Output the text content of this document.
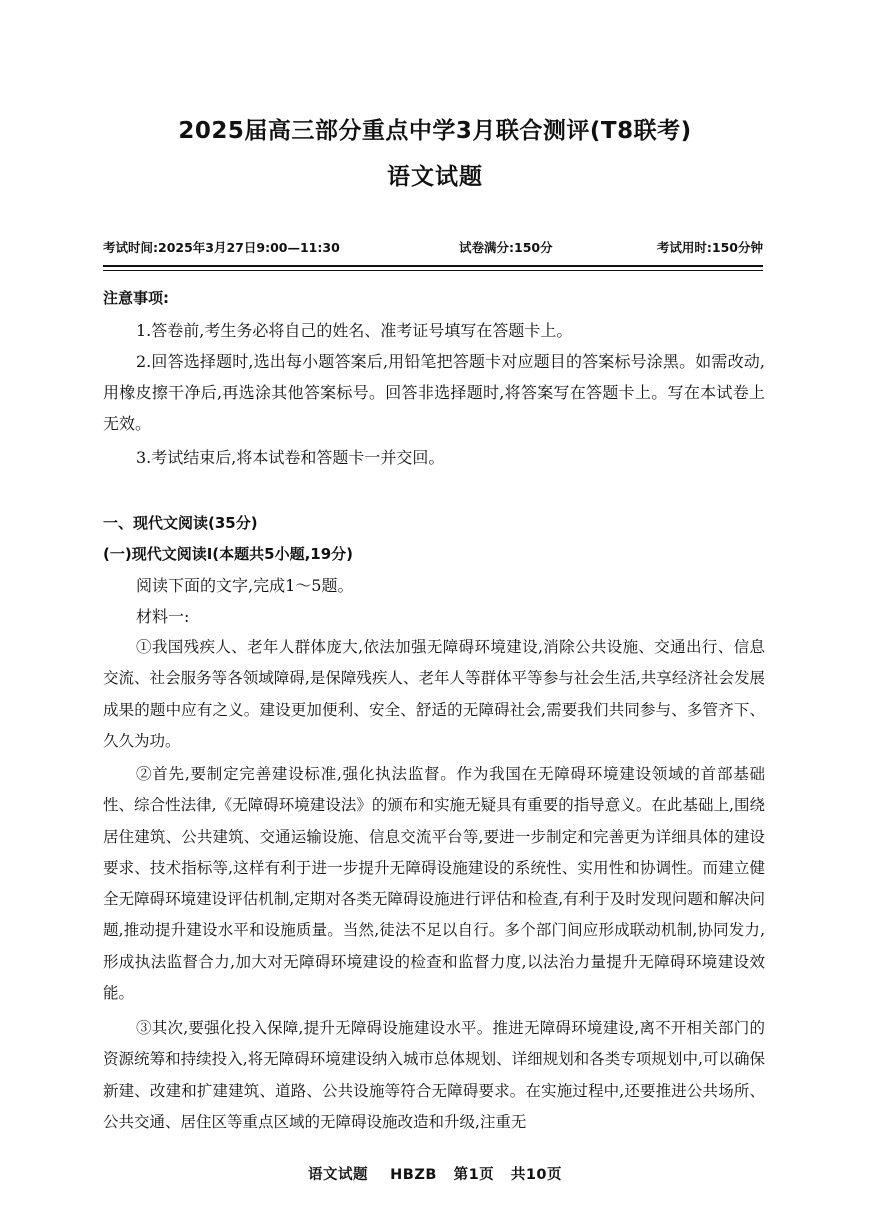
2025届高三部分重点中学3月联合测评(T8联考)
语文试题
考试时间:2025年3月27日9:00—11:30	试卷满分:150分	考试用时:150分钟

注意事项:

1.答卷前,考生务必将自己的姓名、准考证号填写在答题卡上。

2.回答选择题时,选出每小题答案后,用铅笔把答题卡对应题目的答案标号涂黑。如需改动,用橡皮擦干净后,再选涂其他答案标号。回答非选择题时,将答案写在答题卡上。写在本试卷上无效。

3.考试结束后,将本试卷和答题卡一并交回。

一、现代文阅读(35分)

(一)现代文阅读Ⅰ(本题共5小题,19分)

阅读下面的文字,完成1～5题。

材料一:

①我国残疾人、老年人群体庞大,依法加强无障碍环境建设,消除公共设施、交通出行、信息交流、社会服务等各领域障碍,是保障残疾人、老年人等群体平等参与社会生活,共享经济社会发展成果的题中应有之义。建设更加便利、安全、舒适的无障碍社会,需要我们共同参与、多管齐下、久久为功。

②首先,要制定完善建设标准,强化执法监督。作为我国在无障碍环境建设领域的首部基础性、综合性法律,《无障碍环境建设法》的颁布和实施无疑具有重要的指导意义。在此基础上,围绕居住建筑、公共建筑、交通运输设施、信息交流平台等,要进一步制定和完善更为详细具体的建设要求、技术指标等,这样有利于进一步提升无障碍设施建设的系统性、实用性和协调性。而建立健全无障碍环境建设评估机制,定期对各类无障碍设施进行评估和检查,有利于及时发现问题和解决问题,推动提升建设水平和设施质量。当然,徒法不足以自行。多个部门间应形成联动机制,协同发力,形成执法监督合力,加大对无障碍环境建设的检查和监督力度,以法治力量提升无障碍环境建设效能。

③其次,要强化投入保障,提升无障碍设施建设水平。推进无障碍环境建设,离不开相关部门的资源统筹和持续投入,将无障碍环境建设纳入城市总体规划、详细规划和各类专项规划中,可以确保新建、改建和扩建建筑、道路、公共设施等符合无障碍要求。在实施过程中,还要推进公共场所、公共交通、居住区等重点区域的无障碍设施改造和升级,注重无

语文试题 HBZB 第1页 共10页
